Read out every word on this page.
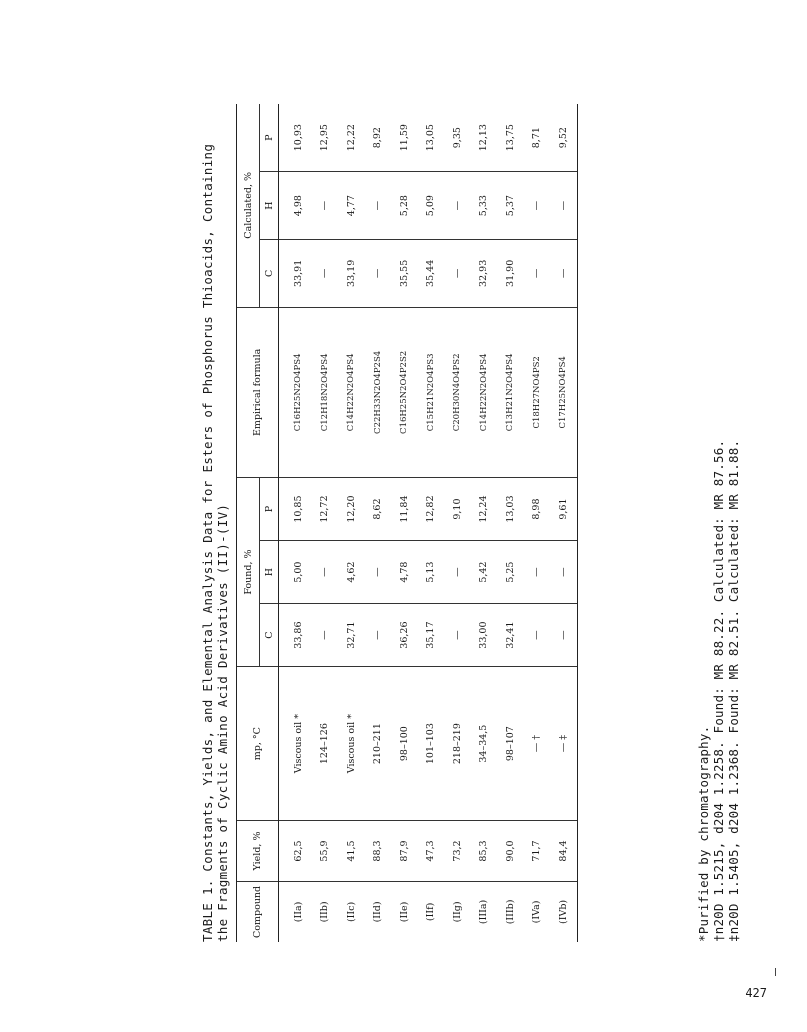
TABLE 1. Constants, Yields, and Elemental Analysis Data for Esters of Phosphorus Thioacids, Containing the Fragments of Cyclic Amino Acid Derivatives (II)-(IV) Compound	Yield, %	mp, °C	Found, %			Empirical formula	Calculated, %		
			C	H	P		C	H	P
(IIa)	62,5	Viscous oil *	33,86	5,00	10,85	C16H25N2O4PS4	33,91	4,98	10,93
(IIb)	55,9	124–126	—	—	12,72	C12H18N2O4PS4	—	—	12,95
(IIc)	41,5	Viscous oil *	32,71	4,62	12,20	C14H22N2O4PS4	33,19	4,77	12,22
(IId)	88,3	210–211	—	—	8,62	C22H33N2O4P2S4	—	—	8,92
(IIe)	87,9	98–100	36,26	4,78	11,84	C16H25N2O4P2S2	35,55	5,28	11,59
(IIf)	47,3	101–103	35,17	5,13	12,82	C15H21N2O4PS3	35,44	5,09	13,05
(IIg)	73,2	218–219	—	—	9,10	C20H30N4O4PS2	—	—	9,35
(IIIa)	85,3	34–34,5	33,00	5,42	12,24	C14H22N2O4PS4	32,93	5,33	12,13
(IIIb)	90,0	98–107	32,41	5,25	13,03	C13H21N2O4PS4	31,90	5,37	13,75
(IVa)	71,7	— †	—	—	8,98	C18H27NO4PS2	—	—	8,71
(IVb)	84,4	— ‡	—	—	9,61	C17H25NO4PS4	—	—	9,52
*Purified by chromatography. †n20D 1.5215, d204 1.2258. Found: MR 88.22. Calculated: MR 87.56. ‡n20D 1.5405, d204 1.2368. Found: MR 82.51. Calculated: MR 81.88.
427
